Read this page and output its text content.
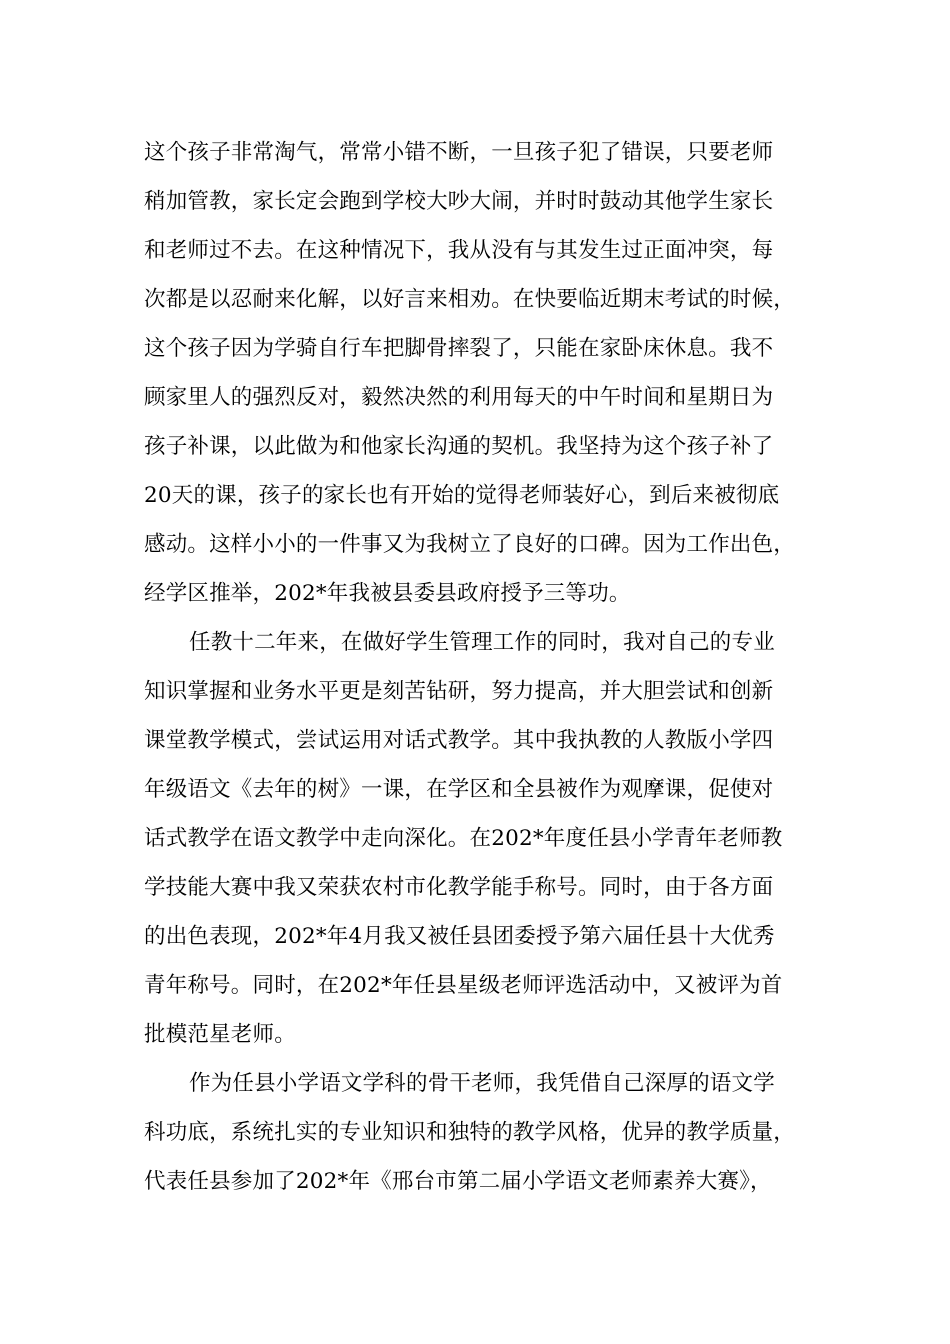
这个孩子非常淘气，常常小错不断，一旦孩子犯了错误，只要老师
稍加管教，家长定会跑到学校大吵大闹，并时时鼓动其他学生家长
和老师过不去。在这种情况下，我从没有与其发生过正面冲突，每
次都是以忍耐来化解，以好言来相劝。在快要临近期末考试的时候，
这个孩子因为学骑自行车把脚骨摔裂了，只能在家卧床休息。我不
顾家里人的强烈反对，毅然决然的利用每天的中午时间和星期日为
孩子补课，以此做为和他家长沟通的契机。我坚持为这个孩子补了
20天的课，孩子的家长也有开始的觉得老师装好心，到后来被彻底
感动。这样小小的一件事又为我树立了良好的口碑。因为工作出色，
经学区推举，202*年我被县委县政府授予三等功。
任教十二年来，在做好学生管理工作的同时，我对自己的专业
知识掌握和业务水平更是刻苦钻研，努力提高，并大胆尝试和创新
课堂教学模式，尝试运用对话式教学。其中我执教的人教版小学四
年级语文《去年的树》一课，在学区和全县被作为观摩课，促使对
话式教学在语文教学中走向深化。在202*年度任县小学青年老师教
学技能大赛中我又荣获农村市化教学能手称号。同时，由于各方面
的出色表现，202*年4月我又被任县团委授予第六届任县十大优秀
青年称号。同时，在202*年任县星级老师评选活动中，又被评为首
批模范星老师。
作为任县小学语文学科的骨干老师，我凭借自己深厚的语文学
科功底，系统扎实的专业知识和独特的教学风格，优异的教学质量，
代表任县参加了202*年《邢台市第二届小学语文老师素养大赛》，
